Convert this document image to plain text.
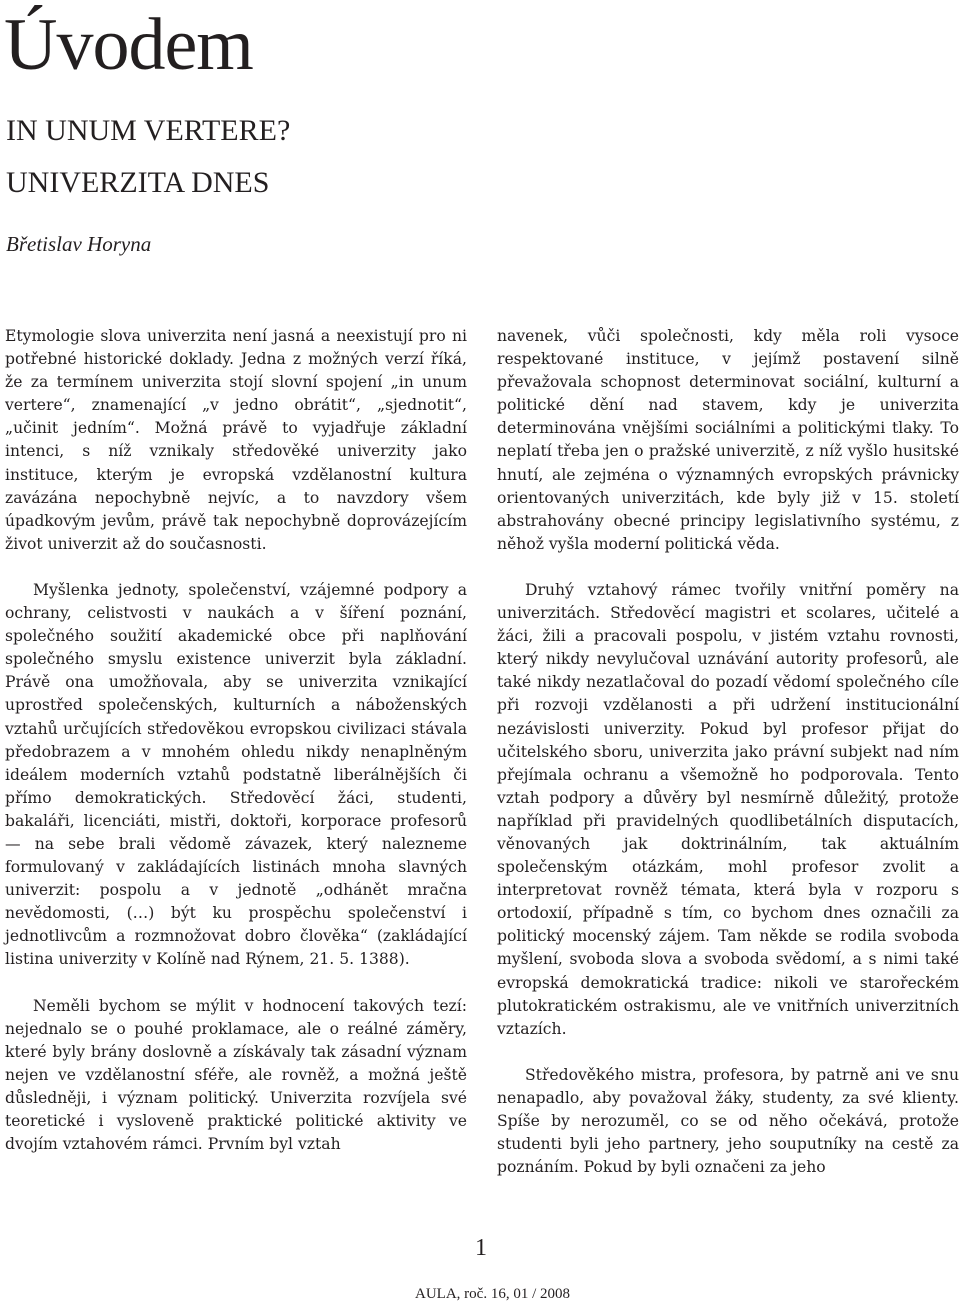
Úvodem
IN UNUM VERTERE?
UNIVERZITA DNES
Břetislav Horyna

Etymologie slova univerzita není jasná a neexistují pro ni potřebné historické doklady. Jedna z možných verzí říká, že za termínem univerzita stojí slovní spojení „in unum vertere“, znamenající „v jedno obrátit“, „sjednotit“, „učinit jedním“. Možná právě to vyjadřuje základní intenci, s níž vznikaly středověké univerzity jako instituce, kterým je evropská vzdělanostní kultura zavázána nepochybně nejvíc, a to navzdory všem úpadkovým jevům, právě tak nepochybně doprovázejícím život univerzit až do současnosti.

Myšlenka jednoty, společenství, vzájemné podpory a ochrany, celistvosti v naukách a v šíření poznání, společného soužití akademické obce při naplňování společného smyslu existence univerzit byla základní. Právě ona umožňovala, aby se univerzita vznikající uprostřed společenských, kulturních a náboženských vztahů určujících středověkou evropskou civilizaci stávala předobrazem a v mnohém ohledu nikdy nenaplněným ideálem moderních vztahů podstatně liberálnějších či přímo demokratických. Středověcí žáci, studenti, bakaláři, licenciáti, mistři, doktoři, korporace profesorů — na sebe brali vědomě závazek, který nalezneme formulovaný v zakládajících listinách mnoha slavných univerzit: pospolu a v jednotě „odhánět mračna nevědomosti, (…) být ku prospěchu společenství i jednotlivcům a rozmnožovat dobro člověka“ (zakládající listina univerzity v Kolíně nad Rýnem, 21. 5. 1388).

Neměli bychom se mýlit v hodnocení takových tezí: nejednalo se o pouhé proklamace, ale o reálné záměry, které byly brány doslovně a získávaly tak zásadní význam nejen ve vzdělanostní sféře, ale rovněž, a možná ještě důsledněji, i význam politický. Univerzita rozvíjela své teoretické i vysloveně praktické politické aktivity ve dvojím vztahovém rámci. Prvním byl vztah

navenek, vůči společnosti, kdy měla roli vysoce respektované instituce, v jejímž postavení silně převažovala schopnost determinovat sociální, kulturní a politické dění nad stavem, kdy je univerzita determinována vnějšími sociálními a politickými tlaky. To neplatí třeba jen o pražské univerzitě, z níž vyšlo husitské hnutí, ale zejména o významných evropských právnicky orientovaných univerzitách, kde byly již v 15. století abstrahovány obecné principy legislativního systému, z něhož vyšla moderní politická věda.

Druhý vztahový rámec tvořily vnitřní poměry na univerzitách. Středověcí magistri et scolares, učitelé a žáci, žili a pracovali pospolu, v jistém vztahu rovnosti, který nikdy nevylučoval uznávání autority profesorů, ale také nikdy nezatlačoval do pozadí vědomí společného cíle při rozvoji vzdělanosti a při udržení institucionální nezávislosti univerzity. Pokud byl profesor přijat do učitelského sboru, univerzita jako právní subjekt nad ním přejímala ochranu a všemožně ho podporovala. Tento vztah podpory a důvěry byl nesmírně důležitý, protože například při pravidelných quodlibetálních disputacích, věnovaných jak doktrinálním, tak aktuálním společenským otázkám, mohl profesor zvolit a interpretovat rovněž témata, která byla v rozporu s ortodoxií, případně s tím, co bychom dnes označili za politický mocenský zájem. Tam někde se rodila svoboda myšlení, svoboda slova a svoboda svědomí, a s nimi také evropská demokratická tradice: nikoli ve starořeckém plutokratickém ostrakismu, ale ve vnitřních univerzitních vztazích.

Středověkého mistra, profesora, by patrně ani ve snu nenapadlo, aby považoval žáky, studenty, za své klienty. Spíše by nerozuměl, co se od něho očekává, protože studenti byli jeho partnery, jeho souputníky na cestě za poznáním. Pokud by byli označeni za jeho

1
AULA, roč. 16, 01 / 2008
